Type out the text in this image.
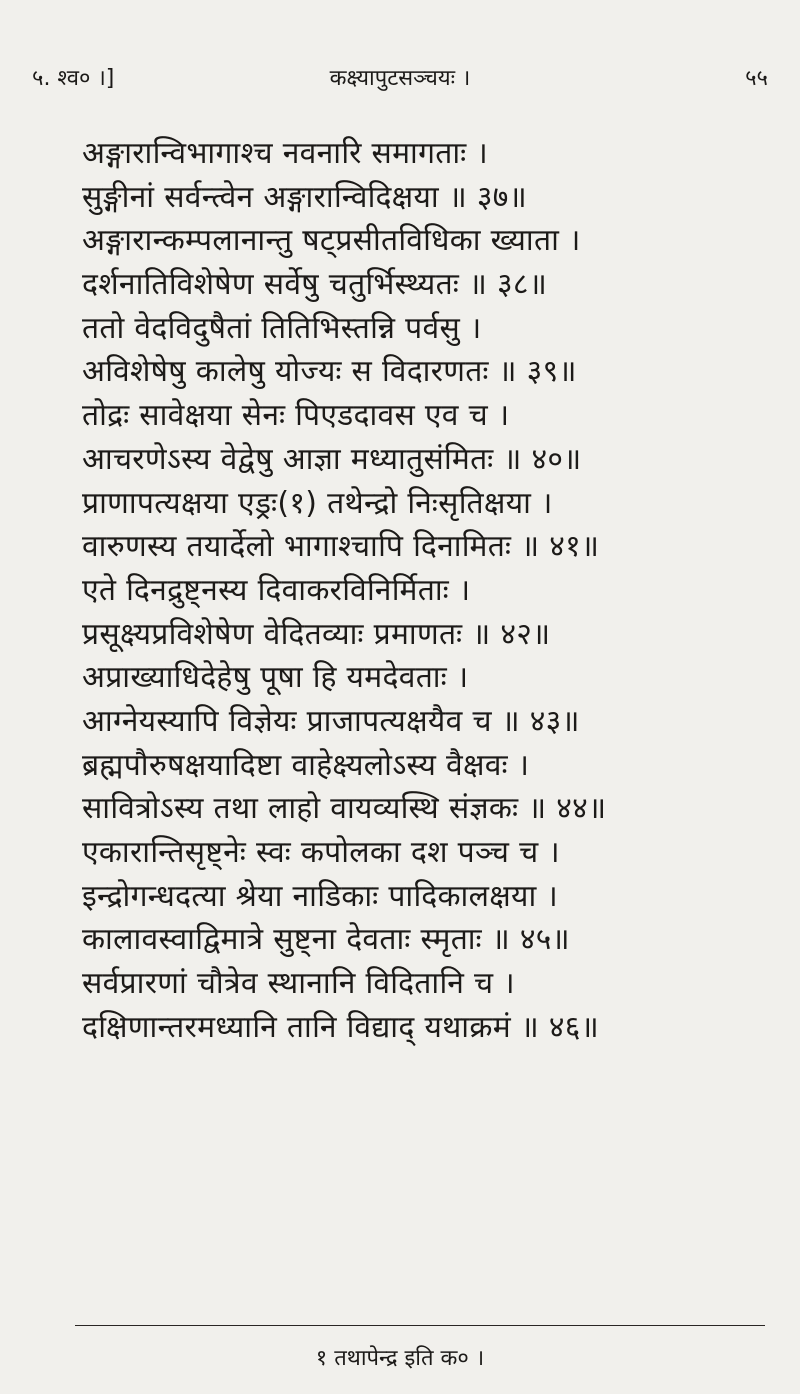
५. श्व० ।]	कक्ष्यापुटसञ्चयः ।	५५
अङ्गारान्विभागाश्च नवनारि समागताः ।
सुङ्गीनां सर्वन्त्वेन अङ्गारान्विदिक्षया ॥ ३७॥
अङ्गारान्कम्पलानान्तु षट्प्रसीतविधिका ख्याता ।
दर्शनातिविशेषेण सर्वेषु चतुर्भिस्थ्यतः ॥ ३८॥
ततो वेदविदुषैतां तितिभिस्तन्नि पर्वसु ।
अविशेषेषु कालेषु योज्यः स विदारणतः ॥ ३९॥
तोद्रः सावेक्षया सेनः पिएडदावस एव च ।
आचरणेऽस्य वेद्वेषु आज्ञा मध्यातुसंमितः ॥ ४०॥
प्राणापत्यक्षया एड्रः(१) तथेन्द्रो निःसृतिक्षया ।
वारुणस्य तयार्देलो भागाश्चापि दिनामितः ॥ ४१॥
एते दिनद्रुष्ट्नस्य दिवाकरविनिर्मिताः ।
प्रसूक्ष्यप्रविशेषेण वेदितव्याः प्रमाणतः ॥ ४२॥
अप्राख्याधिदेहेषु पूषा हि यमदेवताः ।
आग्नेयस्यापि विज्ञेयः प्राजापत्यक्षयैव च ॥ ४३॥
ब्रह्मपौरुषक्षयादिष्टा वाहेक्ष्यलोऽस्य वैक्षवः ।
सावित्रोऽस्य तथा लाहो वायव्यस्थि संज्ञकः ॥ ४४॥
एकारान्तिसृष्ट्नेः स्वः कपोलका दश पञ्च च ।
इन्द्रोगन्धदत्या श्रेया नाडिकाः पादिकालक्षया ।
कालावस्वाद्विमात्रे सुष्ट्ना देवताः स्मृताः ॥ ४५॥
सर्वप्रारणां चौत्रेव स्थानानि विदितानि च ।
दक्षिणान्तरमध्यानि तानि विद्याद् यथाक्रमं ॥ ४६॥
१ तथापेन्द्र इति क० ।
